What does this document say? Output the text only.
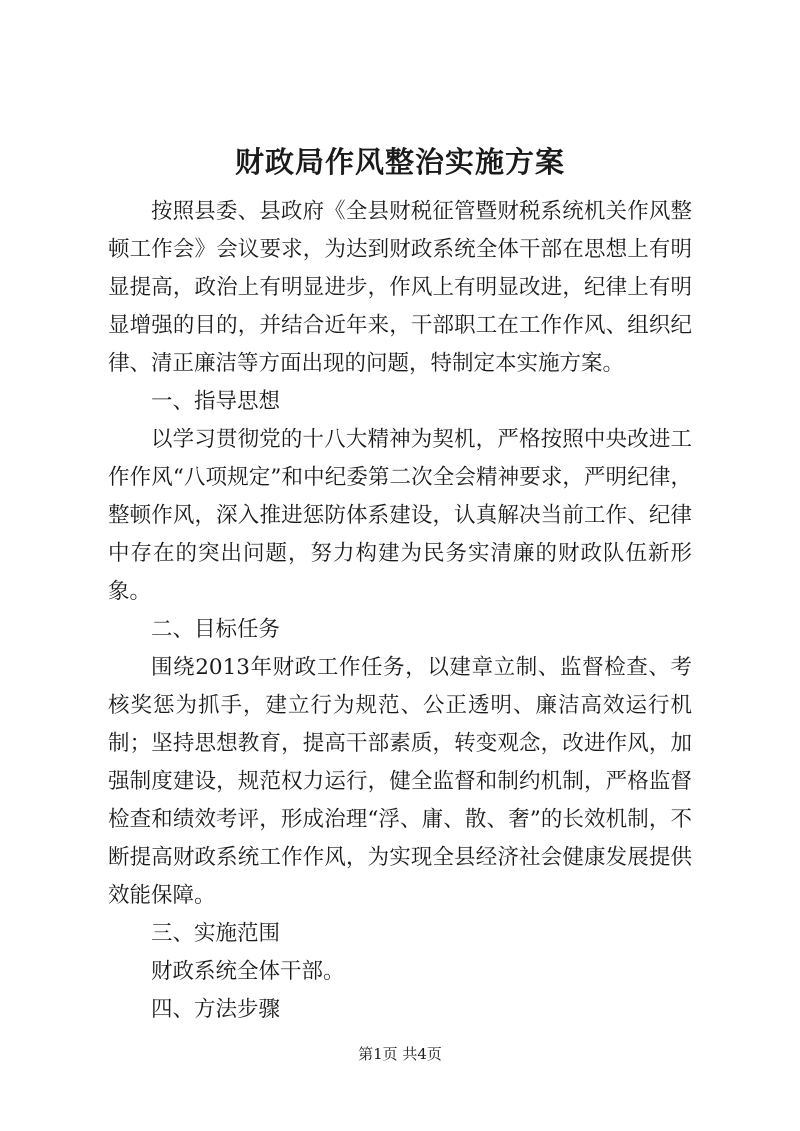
财政局作风整治实施方案

按照县委、县政府《全县财税征管暨财税系统机关作风整顿工作会》会议要求，为达到财政系统全体干部在思想上有明显提高，政治上有明显进步，作风上有明显改进，纪律上有明显增强的目的，并结合近年来，干部职工在工作作风、组织纪律、清正廉洁等方面出现的问题，特制定本实施方案。

一、指导思想

以学习贯彻党的十八大精神为契机，严格按照中央改进工作作风“八项规定”和中纪委第二次全会精神要求，严明纪律，整顿作风，深入推进惩防体系建设，认真解决当前工作、纪律中存在的突出问题，努力构建为民务实清廉的财政队伍新形象。

二、目标任务

围绕2013年财政工作任务，以建章立制、监督检查、考核奖惩为抓手，建立行为规范、公正透明、廉洁高效运行机制；坚持思想教育，提高干部素质，转变观念，改进作风，加强制度建设，规范权力运行，健全监督和制约机制，严格监督检查和绩效考评，形成治理“浮、庸、散、奢”的长效机制，不断提高财政系统工作作风，为实现全县经济社会健康发展提供效能保障。

三、实施范围

财政系统全体干部。

四、方法步骤

第1页 共4页
